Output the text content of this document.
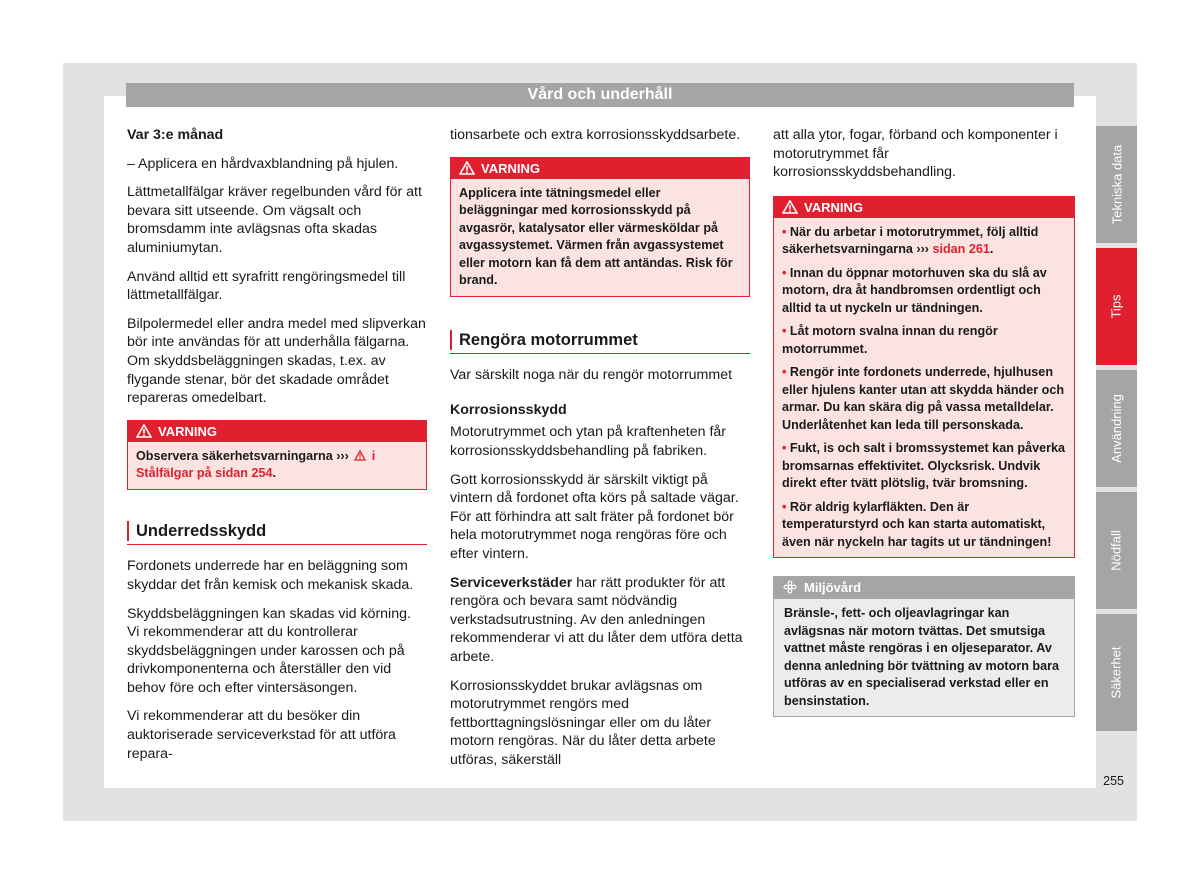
Vård och underhåll

Var 3:e månad

– Applicera en hårdvaxblandning på hjulen.

Lättmetallfälgar kräver regelbunden vård för att bevara sitt utseende. Om vägsalt och bromsdamm inte avlägsnas ofta skadas aluminiumytan.

Använd alltid ett syrafritt rengöringsmedel till lättmetallfälgar.

Bilpolermedel eller andra medel med slipverkan bör inte användas för att underhålla fälgarna. Om skyddsbeläggningen skadas, t.ex. av flygande stenar, bör det skadade området repareras omedelbart.

VARNING
Observera säkerhetsvarningarna ›››  i Stålfälgar på sidan 254.
Underredsskydd

Fordonets underrede har en beläggning som skyddar det från kemisk och mekanisk skada.

Skyddsbeläggningen kan skadas vid körning. Vi rekommenderar att du kontrollerar skyddsbeläggningen under karossen och på drivkomponenterna och återställer den vid behov före och efter vintersäsongen.

Vi rekommenderar att du besöker din auktoriserade serviceverkstad för att utföra repara-

tionsarbete och extra korrosionsskyddsarbete.

VARNING

Applicera inte tätningsmedel eller beläggningar med korrosionsskydd på avgasrör, katalysator eller värmesköldar på avgassystemet. Värmen från avgassystemet eller motorn kan få dem att antändas. Risk för brand.

Rengöra motorrummet

Var särskilt noga när du rengör motorrummet

Korrosionsskydd

Motorutrymmet och ytan på kraftenheten får korrosionsskyddsbehandling på fabriken.

Gott korrosionsskydd är särskilt viktigt på vintern då fordonet ofta körs på saltade vägar. För att förhindra att salt fräter på fordonet bör hela motorutrymmet noga rengöras före och efter vintern.

Serviceverkstäder har rätt produkter för att rengöra och bevara samt nödvändig verkstadsutrustning. Av den anledningen rekommenderar vi att du låter dem utföra detta arbete.

Korrosionsskyddet brukar avlägsnas om motorutrymmet rengörs med fettborttagningslösningar eller om du låter motorn rengöras. När du låter detta arbete utföras, säkerställ

att alla ytor, fogar, förband och komponenter i motorutrymmet får korrosionsskyddsbehandling.

VARNING

• När du arbetar i motorutrymmet, följ alltid säkerhetsvarningarna ››› sidan 261.

• Innan du öppnar motorhuven ska du slå av motorn, dra åt handbromsen ordentligt och alltid ta ut nyckeln ur tändningen.

• Låt motorn svalna innan du rengör motorrummet.

• Rengör inte fordonets underrede, hjulhusen eller hjulens kanter utan att skydda händer och armar. Du kan skära dig på vassa metalldelar. Underlåtenhet kan leda till personskada.

• Fukt, is och salt i bromssystemet kan påverka bromsarnas effektivitet. Olycksrisk. Undvik direkt efter tvätt plötslig, tvär bromsning.

• Rör aldrig kylarfläkten. Den är temperaturstyrd och kan starta automatiskt, även när nyckeln har tagits ut ur tändningen!

Miljövård
Bränsle-, fett- och oljeavlagringar kan avlägsnas när motorn tvättas. Det smutsiga vattnet måste rengöras i en oljeseparator. Av denna anledning bör tvättning av motorn bara utföras av en specialiserad verkstad eller en bensinstation.
Tekniska data
Tips
Användning
Nödfall
Säkerhet
255
